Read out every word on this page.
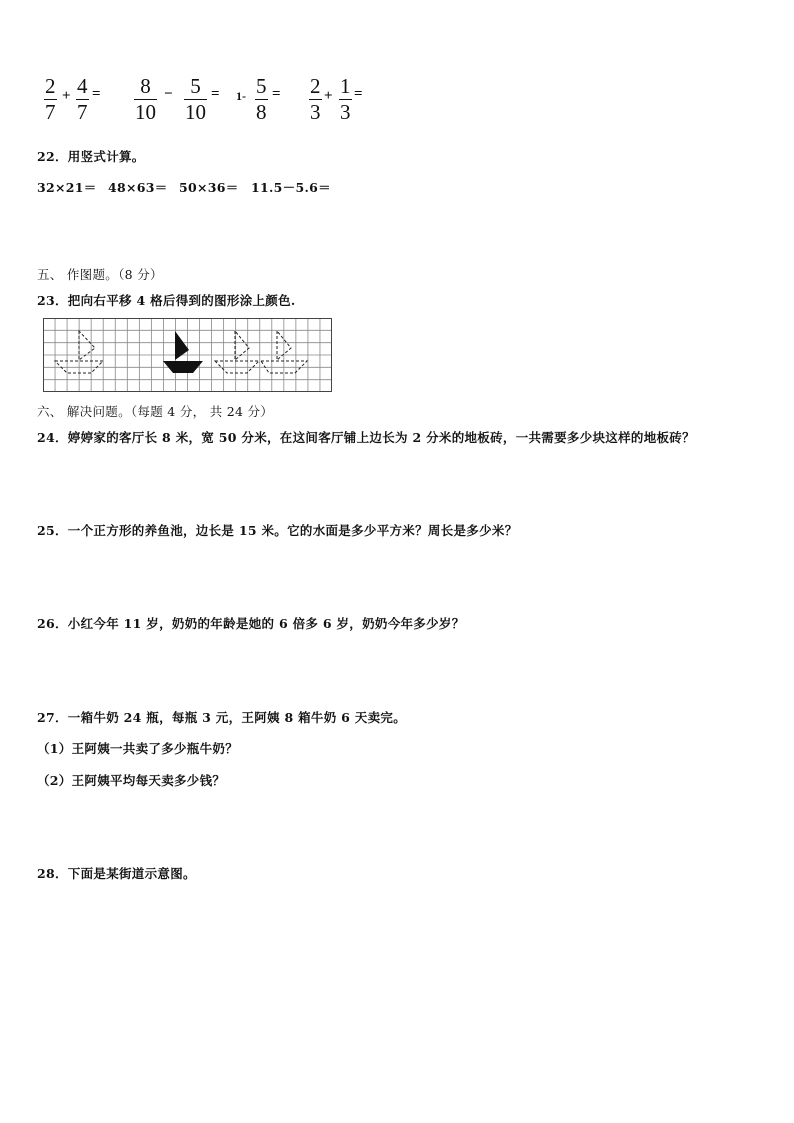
2
7
+ 4
7
= 8
10
− 5
10
= 1- 5
8
= 2
3
+ 1
3
=
22．用竖式计算。
32×21＝ 48×63＝ 50×36＝ 11.5－5.6＝
五、 作图题。（8 分）
23．把向右平移 4 格后得到的图形涂上颜色.
六、 解决问题。（每题 4 分， 共 24 分）
24．婷婷家的客厅长 8 米，宽 50 分米，在这间客厅铺上边长为 2 分米的地板砖，一共需要多少块这样的地板砖？
25．一个正方形的养鱼池，边长是 15 米。它的水面是多少平方米？周长是多少米？
26．小红今年 11 岁，奶奶的年龄是她的 6 倍多 6 岁，奶奶今年多少岁？
27．一箱牛奶 24 瓶，每瓶 3 元，王阿姨 8 箱牛奶 6 天卖完。
（1）王阿姨一共卖了多少瓶牛奶？
（2）王阿姨平均每天卖多少钱？
28．下面是某街道示意图。
